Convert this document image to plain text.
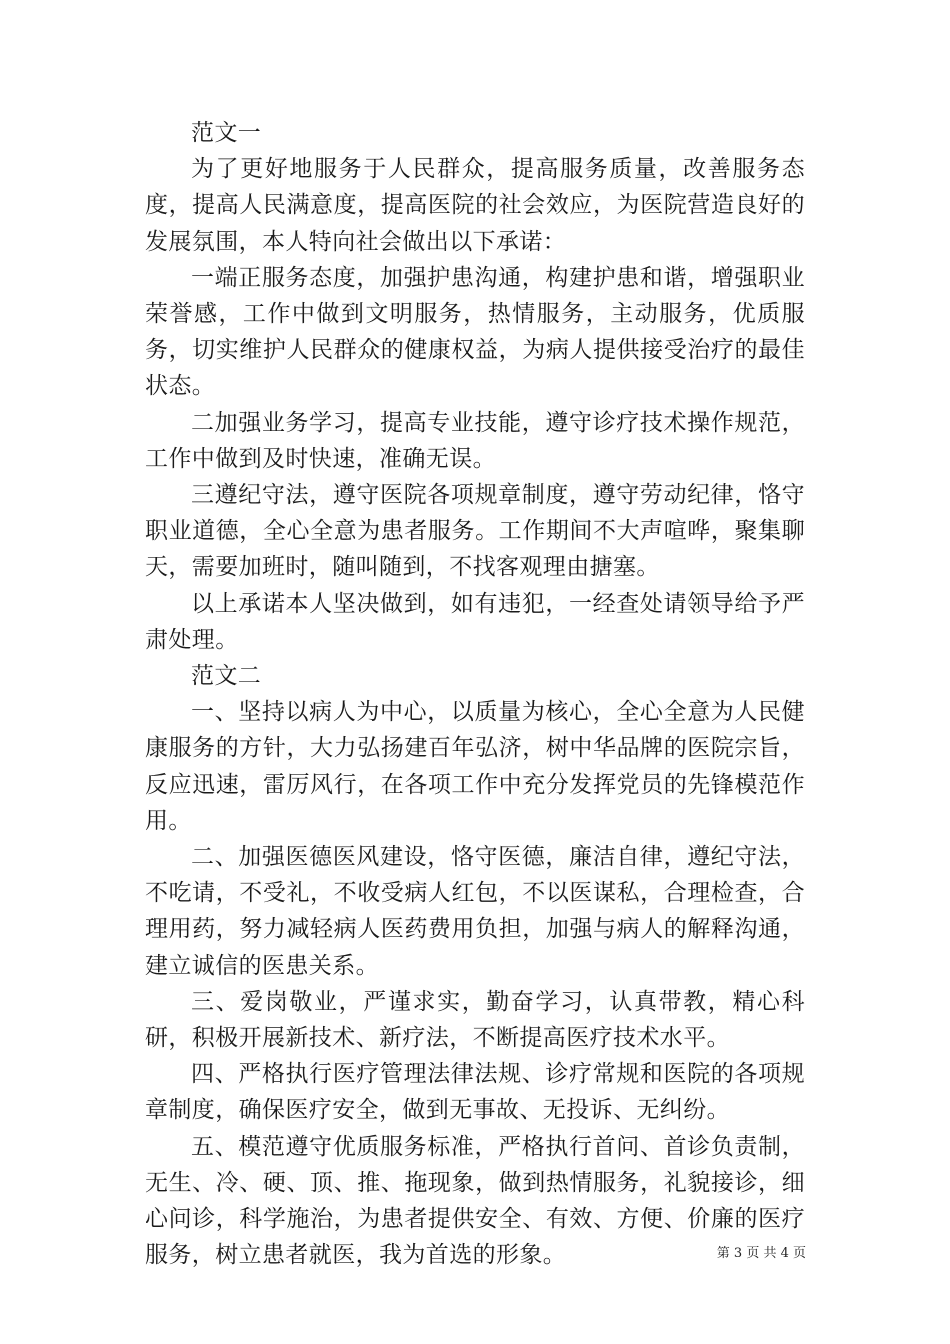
范文一

为了更好地服务于人民群众，提高服务质量，改善服务态度，提高人民满意度，提高医院的社会效应，为医院营造良好的发展氛围，本人特向社会做出以下承诺：

一端正服务态度，加强护患沟通，构建护患和谐，增强职业荣誉感，工作中做到文明服务，热情服务，主动服务，优质服务，切实维护人民群众的健康权益，为病人提供接受治疗的最佳状态。

二加强业务学习，提高专业技能，遵守诊疗技术操作规范，工作中做到及时快速，准确无误。

三遵纪守法，遵守医院各项规章制度，遵守劳动纪律，恪守职业道德，全心全意为患者服务。工作期间不大声喧哗，聚集聊天，需要加班时，随叫随到，不找客观理由搪塞。

以上承诺本人坚决做到，如有违犯，一经查处请领导给予严肃处理。

范文二

一、坚持以病人为中心，以质量为核心，全心全意为人民健康服务的方针，大力弘扬建百年弘济，树中华品牌的医院宗旨，反应迅速，雷厉风行，在各项工作中充分发挥党员的先锋模范作用。

二、加强医德医风建设，恪守医德，廉洁自律，遵纪守法，不吃请，不受礼，不收受病人红包，不以医谋私，合理检查，合理用药，努力减轻病人医药费用负担，加强与病人的解释沟通，建立诚信的医患关系。

三、爱岗敬业，严谨求实，勤奋学习，认真带教，精心科研，积极开展新技术、新疗法，不断提高医疗技术水平。

四、严格执行医疗管理法律法规、诊疗常规和医院的各项规章制度，确保医疗安全，做到无事故、无投诉、无纠纷。

五、模范遵守优质服务标准，严格执行首问、首诊负责制，无生、冷、硬、顶、推、拖现象，做到热情服务，礼貌接诊，细心问诊，科学施治，为患者提供安全、有效、方便、价廉的医疗服务，树立患者就医，我为首选的形象。	第 3 页 共 4 页
